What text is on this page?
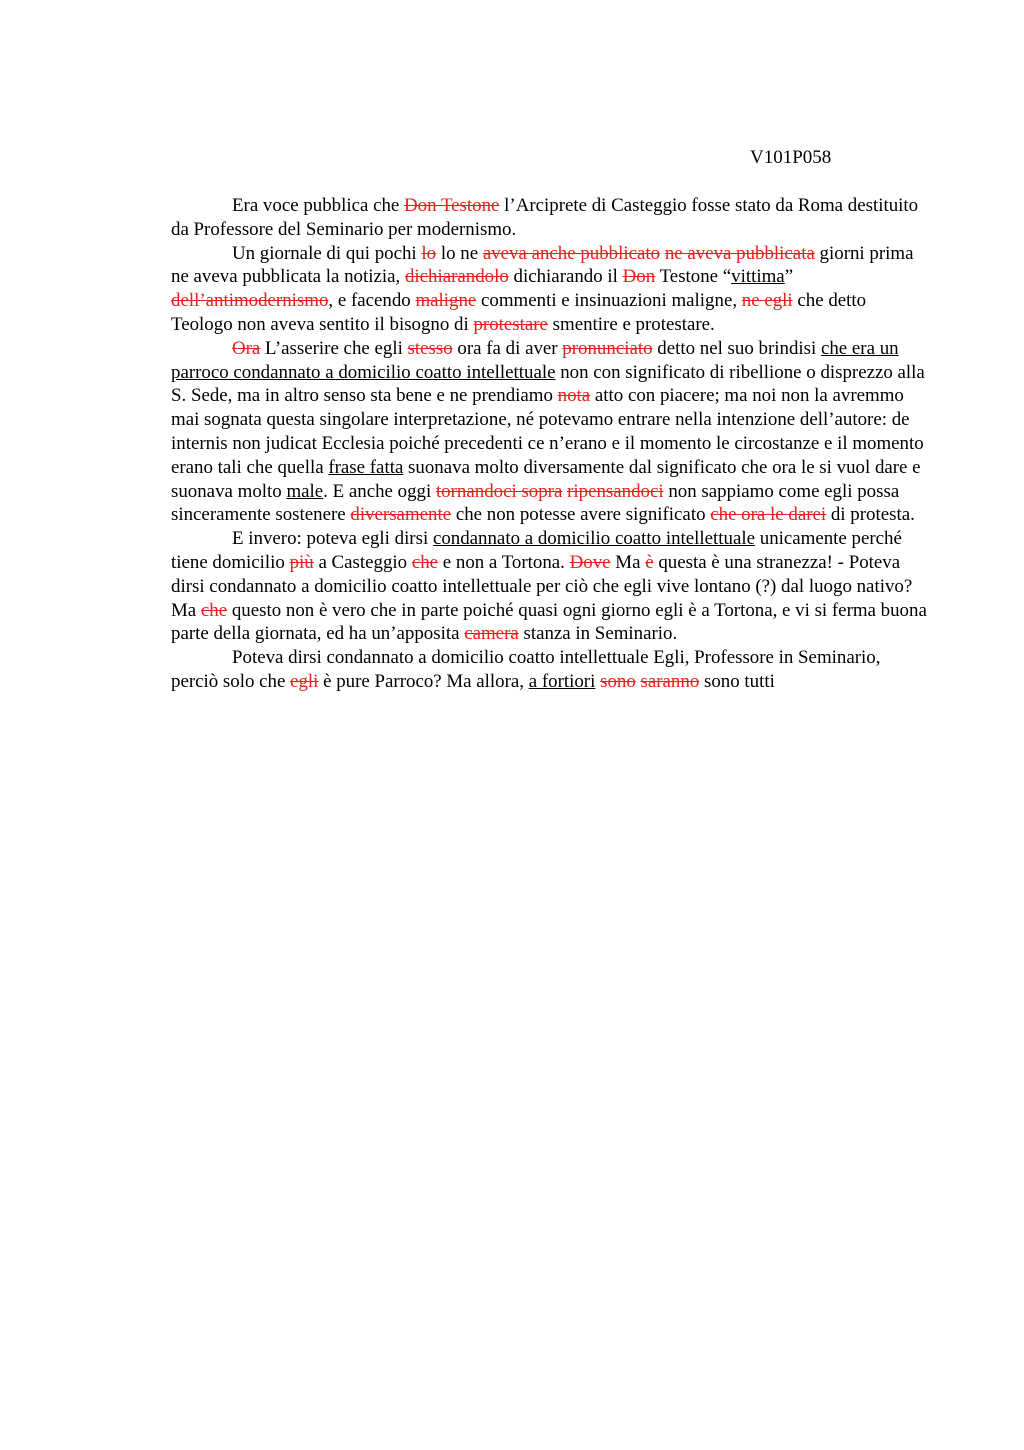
V101P058

Era voce pubblica che Don Testone l’Arciprete di Casteggio fosse stato da Roma destituito da Professore del Seminario per modernismo.

Un giornale di qui pochi lo lo ne aveva anche pubblicato ne aveva pubblicata giorni prima ne aveva pubblicata la notizia, dichiarandolo dichiarando il Don Testone “vittima” dell’antimodernismo, e facendo maligne commenti e insinuazioni maligne, ne egli che detto Teologo non aveva sentito il bisogno di protestare smentire e protestare.

Ora L’asserire che egli stesso ora fa di aver pronunciato detto nel suo brindisi che era un parroco condannato a domicilio coatto intellettuale non con significato di ribellione o disprezzo alla S. Sede, ma in altro senso sta bene e ne prendiamo nota atto con piacere; ma noi non la avremmo mai sognata questa singolare interpretazione, né potevamo entrare nella intenzione dell’autore: de internis non judicat Ecclesia poiché precedenti ce n’erano e il momento le circostanze e il momento erano tali che quella frase fatta suonava molto diversamente dal significato che ora le si vuol dare e suonava molto male. E anche oggi tornandoci sopra ripensandoci non sappiamo come egli possa sinceramente sostenere diversamente che non potesse avere significato che ora le darei di protesta.

E invero: poteva egli dirsi condannato a domicilio coatto intellettuale unicamente perché tiene domicilio più a Casteggio che e non a Tortona. Dove Ma è questa è una stranezza! - Poteva dirsi condannato a domicilio coatto intellettuale per ciò che egli vive lontano (?) dal luogo nativo? Ma che questo non è vero che in parte poiché quasi ogni giorno egli è a Tortona, e vi si ferma buona parte della giornata, ed ha un’apposita camera stanza in Seminario.

Poteva dirsi condannato a domicilio coatto intellettuale Egli, Professore in Seminario, perciò solo che egli è pure Parroco? Ma allora, a fortiori sono saranno sono tutti
